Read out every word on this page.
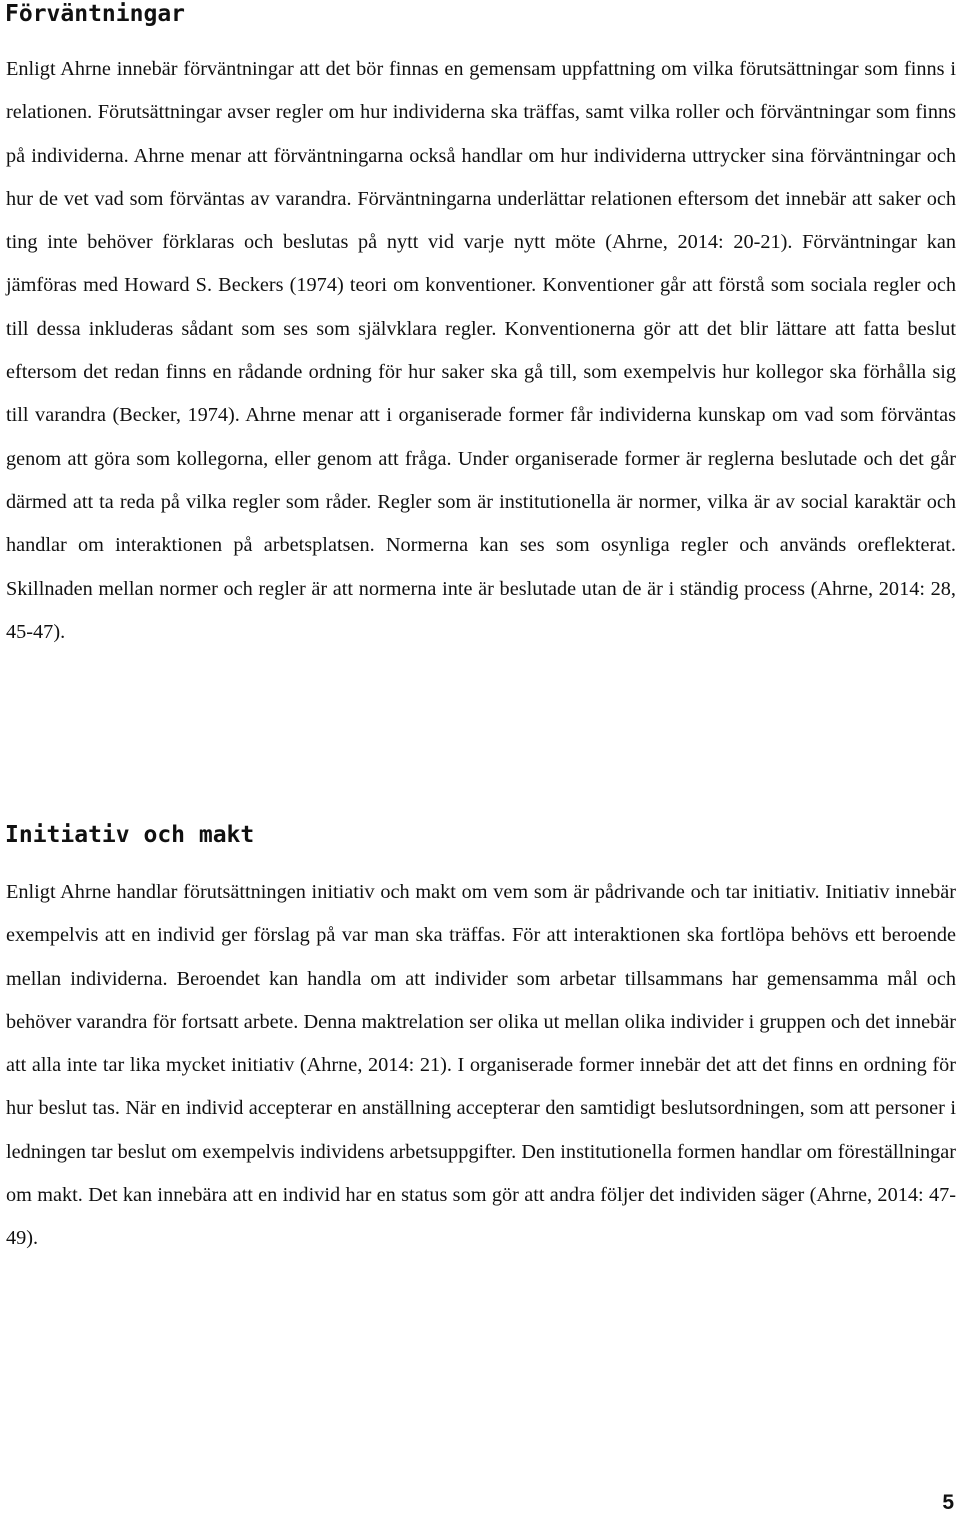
Förväntningar

Enligt Ahrne innebär förväntningar att det bör finnas en gemensam uppfattning om vilka förutsättningar som finns i relationen. Förutsättningar avser regler om hur individerna ska träffas, samt vilka roller och förväntningar som finns på individerna. Ahrne menar att förväntningarna också handlar om hur individerna uttrycker sina förväntningar och hur de vet vad som förväntas av varandra. Förväntningarna underlättar relationen eftersom det innebär att saker och ting inte behöver förklaras och beslutas på nytt vid varje nytt möte (Ahrne, 2014: 20-21). Förväntningar kan jämföras med Howard S. Beckers (1974) teori om konventioner. Konventioner går att förstå som sociala regler och till dessa inkluderas sådant som ses som självklara regler. Konventionerna gör att det blir lättare att fatta beslut eftersom det redan finns en rådande ordning för hur saker ska gå till, som exempelvis hur kollegor ska förhålla sig till varandra (Becker, 1974). Ahrne menar att i organiserade former får individerna kunskap om vad som förväntas genom att göra som kollegorna, eller genom att fråga. Under organiserade former är reglerna beslutade och det går därmed att ta reda på vilka regler som råder. Regler som är institutionella är normer, vilka är av social karaktär och handlar om interaktionen på arbetsplatsen. Normerna kan ses som osynliga regler och används oreflekterat. Skillnaden mellan normer och regler är att normerna inte är beslutade utan de är i ständig process (Ahrne, 2014: 28, 45-47).

Initiativ och makt

Enligt Ahrne handlar förutsättningen initiativ och makt om vem som är pådrivande och tar initiativ. Initiativ innebär exempelvis att en individ ger förslag på var man ska träffas. För att interaktionen ska fortlöpa behövs ett beroende mellan individerna. Beroendet kan handla om att individer som arbetar tillsammans har gemensamma mål och behöver varandra för fortsatt arbete. Denna maktrelation ser olika ut mellan olika individer i gruppen och det innebär att alla inte tar lika mycket initiativ (Ahrne, 2014: 21). I organiserade former innebär det att det finns en ordning för hur beslut tas. När en individ accepterar en anställning accepterar den samtidigt beslutsordningen, som att personer i ledningen tar beslut om exempelvis individens arbetsuppgifter. Den institutionella formen handlar om föreställningar om makt. Det kan innebära att en individ har en status som gör att andra följer det individen säger (Ahrne, 2014: 47-49).

5
